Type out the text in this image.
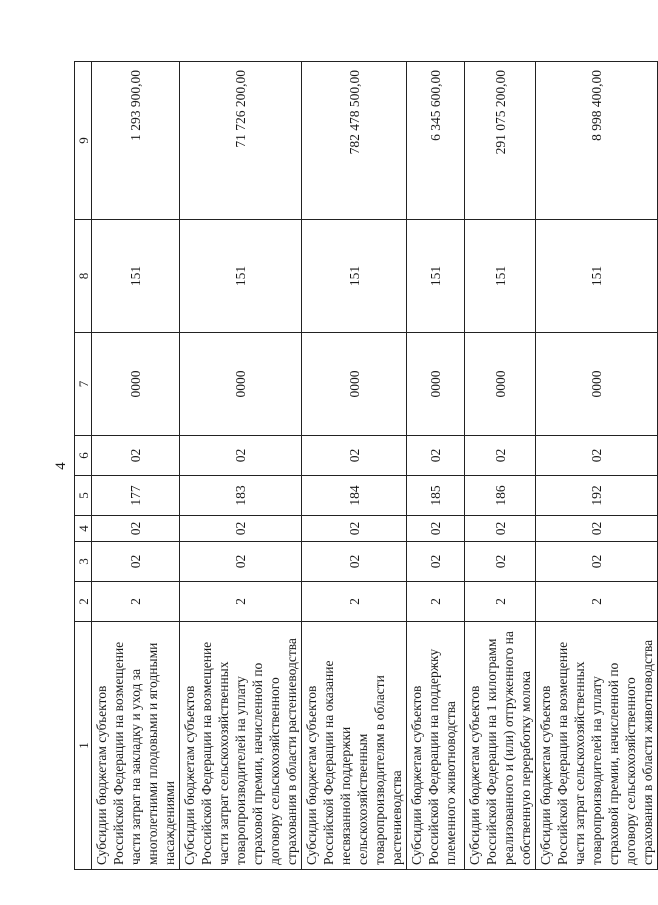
4
1	2	3	4	5	6	7	8	9
Субсидии бюджетам субъектов Российской Федерации на возмещение части затрат на закладку и уход за многолетними плодовыми и ягодными насаждениями	2	02	02	177	02	0000	151	1 293 900,00
Субсидии бюджетам субъектов Российской Федерации на возмещение части затрат сельскохозяйственных товаропроизводителей на уплату страховой премии, начисленной по договору сельскохозяйственного страхования в области растениеводства	2	02	02	183	02	0000	151	71 726 200,00
Субсидии бюджетам субъектов Российской Федерации на оказание несвязанной поддержки сельскохозяйственным товаропроизводителям в области растениеводства	2	02	02	184	02	0000	151	782 478 500,00
Субсидии бюджетам субъектов Российской Федерации на поддержку племенного животноводства	2	02	02	185	02	0000	151	6 345 600,00
Субсидии бюджетам субъектов Российской Федерации на 1 килограмм реализованного и (или) отгруженного на собственную переработку молока	2	02	02	186	02	0000	151	291 075 200,00
Субсидии бюджетам субъектов Российской Федерации на возмещение части затрат сельскохозяйственных товаропроизводителей на уплату страховой премии, начисленной по договору сельскохозяйственного страхования в области животноводства	2	02	02	192	02	0000	151	8 998 400,00
